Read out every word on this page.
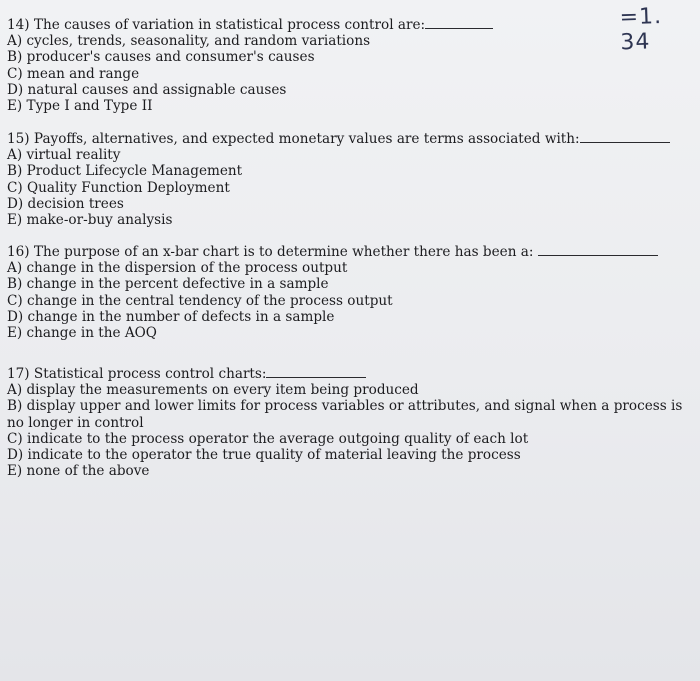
=1. 34
14) The causes of variation in statistical process control are:
A) cycles, trends, seasonality, and random variations
B) producer's causes and consumer's causes
C) mean and range
D) natural causes and assignable causes
E) Type I and Type II
15) Payoffs, alternatives, and expected monetary values are terms associated with:
A) virtual reality
B) Product Lifecycle Management
C) Quality Function Deployment
D) decision trees
E) make-or-buy analysis
16) The purpose of an x-bar chart is to determine whether there has been a:
A) change in the dispersion of the process output
B) change in the percent defective in a sample
C) change in the central tendency of the process output
D) change in the number of defects in a sample
E) change in the AOQ
17) Statistical process control charts:
A) display the measurements on every item being produced
B) display upper and lower limits for process variables or attributes, and signal when a process is no longer in control
C) indicate to the process operator the average outgoing quality of each lot
D) indicate to the operator the true quality of material leaving the process
E) none of the above
